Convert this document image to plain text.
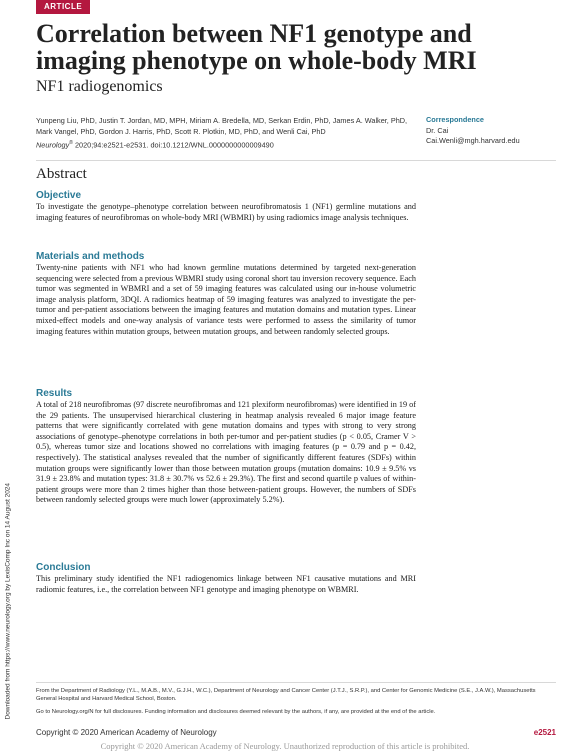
ARTICLE
Correlation between NF1 genotype and imaging phenotype on whole-body MRI
NF1 radiogenomics
Yunpeng Liu, PhD, Justin T. Jordan, MD, MPH, Miriam A. Bredella, MD, Serkan Erdin, PhD, James A. Walker, PhD, Mark Vangel, PhD, Gordon J. Harris, PhD, Scott R. Plotkin, MD, PhD, and Wenli Cai, PhD
Neurology® 2020;94:e2521-e2531. doi:10.1212/WNL.0000000000009490
Correspondence
Dr. Cai
Cai.Wenli@mgh.harvard.edu
Abstract
Objective

To investigate the genotype–phenotype correlation between neurofibromatosis 1 (NF1) germline mutations and imaging features of neurofibromas on whole-body MRI (WBMRI) by using radiomics image analysis techniques.

Materials and methods

Twenty-nine patients with NF1 who had known germline mutations determined by targeted next-generation sequencing were selected from a previous WBMRI study using coronal short tau inversion recovery sequence. Each tumor was segmented in WBMRI and a set of 59 imaging features was calculated using our in-house volumetric image analysis platform, 3DQI. A radiomics heatmap of 59 imaging features was analyzed to investigate the per-tumor and per-patient associations between the imaging features and mutation domains and mutation types. Linear mixed-effect models and one-way analysis of variance tests were performed to assess the similarity of tumor imaging features within mutation groups, between mutation groups, and between randomly selected groups.

Results

A total of 218 neurofibromas (97 discrete neurofibromas and 121 plexiform neurofibromas) were identified in 19 of the 29 patients. The unsupervised hierarchical clustering in heatmap analysis revealed 6 major image feature patterns that were significantly correlated with gene mutation domains and types with strong to very strong associations of genotype–phenotype correlations in both per-tumor and per-patient studies (p < 0.05, Cramer V > 0.5), whereas tumor size and locations showed no correlations with imaging features (p = 0.79 and p = 0.42, respectively). The statistical analyses revealed that the number of significantly different features (SDFs) within mutation groups were significantly lower than those between mutation groups (mutation domains: 10.9 ± 9.5% vs 31.9 ± 23.8% and mutation types: 31.8 ± 30.7% vs 52.6 ± 29.3%). The first and second quartile p values of within-patient groups were more than 2 times higher than those between-patient groups. However, the numbers of SDFs between randomly selected groups were much lower (approximately 5.2%).

Conclusion

This preliminary study identified the NF1 radiogenomics linkage between NF1 causative mutations and MRI radiomic features, i.e., the correlation between NF1 genotype and imaging phenotype on WBMRI.

Downloaded from https://www.neurology.org by LexisComp Inc on 14 August 2024	From the Department of Radiology (Y.L., M.A.B., M.V., G.J.H., W.C.), Department of Neurology and Cancer Center (J.T.J., S.R.P.), and Center for Genomic Medicine (S.E., J.A.W.), Massachusetts General Hospital and Harvard Medical School, Boston.
Go to Neurology.org/N for full disclosures. Funding information and disclosures deemed relevant by the authors, if any, are provided at the end of the article.
Copyright © 2020 American Academy of Neurology	e2521
Copyright © 2020 American Academy of Neurology. Unauthorized reproduction of this article is prohibited.
